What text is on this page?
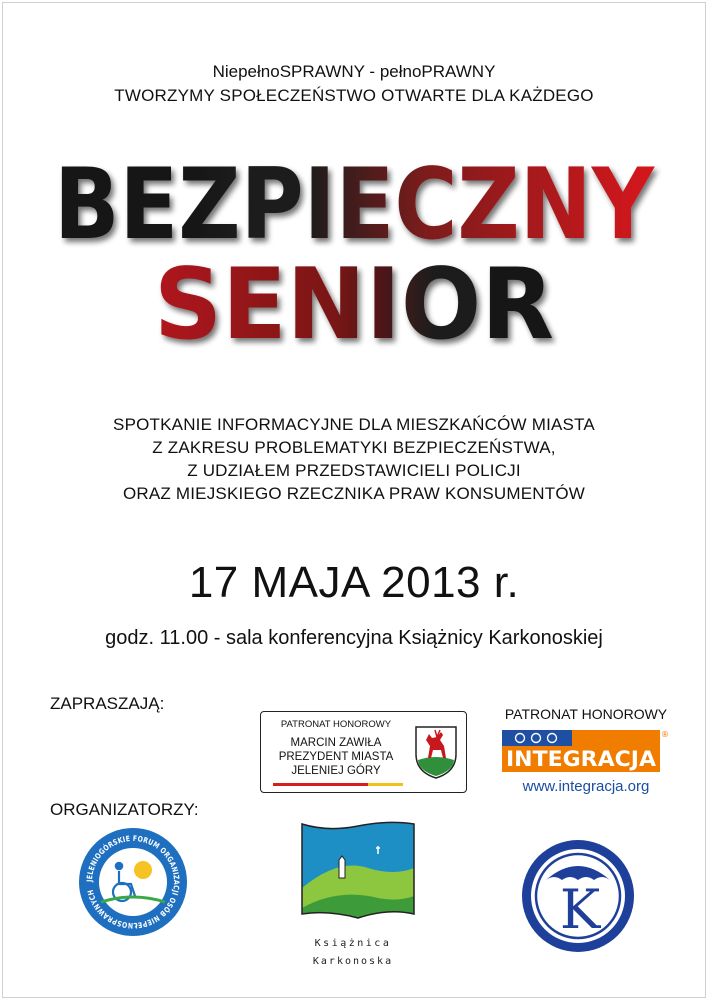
NiepełnoSPRAWNY - pełnoPRAWNY
TWORZYMY SPOŁECZEŃSTWO OTWARTE DLA KAŻDEGO
BEZPIECZNY
SENIOR
SPOTKANIE INFORMACYJNE DLA MIESZKAŃCÓW MIASTA
Z ZAKRESU PROBLEMATYKI BEZPIECZEŃSTWA,
Z UDZIAŁEM PRZEDSTAWICIELI POLICJI
ORAZ MIEJSKIEGO RZECZNIKA PRAW KONSUMENTÓW
17 MAJA 2013 r.
godz. 11.00 - sala konferencyjna Książnicy Karkonoskiej
ZAPRASZAJĄ:
ORGANIZATORZY:
PATRONAT HONOROWY
MARCIN ZAWIŁA
PREZYDENT MIASTA
JELENIEJ GÓRY
PATRONAT HONOROWY
INTEGRACJA
®
www.integracja.org
JELENIOGÓRSKIE FORUM ORGANIZACJI OSÓB NIEPEŁNOSPRAWNYCH
Książnica
Karkonoska
K
